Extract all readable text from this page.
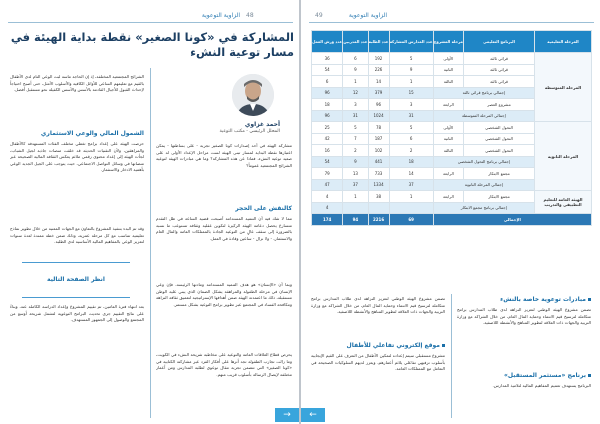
48
الزاوية التوعوية
المشاركة في «كونا الصغير» نقطة بداية الهيئة في مسار توعية النشء
أحمد غزاوي
المحلل الرئيسي - مكتب التوعية
مشاركة الهيئة في أحد إصدارات كونا الصغير تجربة - على بساطتها - يمكن اعتبارها نقطة البداية لمسار تبنى الهيئة لست مراحل الإعداد الأولى له على صعيد توعية النشء، فماذا عن هذه المشاركة؟ وما هي مبادرات الهيئة لتوعية الشرائح المجتمعية عموماً؟
كالنقش على الحجر
مما لا شك فيه أن التنمية المستدامة أصبحت قضية الساعة في ظل التقدم متسارع يحصل دعامة الهيئة الركيزة لتكوين عقلية وثقافة تستوعب ما نسبه بالضرورة إلى سقف عالٍ من التوعية الجادة بالممتلكات العامة والمال العام والاستثمار، - ولا نزال - ساعين وقادة في العمل.
وبما أن «الإنسان» هو هدف التنمية المستدامة ومادتها الرئيسة، فإن وعي الإنسان في مرحلة الطفولة والمراهقة يشكل الضمان الذي يبني عليه الوطن مستقبله، ذلك ما اعتمدته الهيئة ضمن أهدافها الإستراتيجية لتعميق ثقافة النزاهة ومكافحة الفساد في المجتمع عبر تطوير برامج التوعية بشكل مستمر.
يحرص قطاع العلاقات العامة والتوعية على مخاطبة شريحة النشء في الكويت، وما زالت تجارب الطفولة تجد أثرها على أفكار الفرد عبر مشاركته الكتابية في «كونا الصغير» التي تتضمن تجربة مقال توعوي لطلبة المدارس ومن أعمار مختلفة لإيصال الرسالة بأسلوب قريب منهم.
الشرائح المجتمعية المختلفة، إذ إن الحاجة ماسة لبث الوعي التام لدى الأطفال بالقيم مع تعليمهم الساعي للأوائل الكافية والأسلوب الأمثل، حتى أصبح احتياجاً لإحداث القبول للأجيال القادمة بالأسس والأسس الكفيلة نحو مستقبل أفضل.
الشمول المالي والوعي الاستثماري
حرصت الهيئة على إعداد برامج تغطي مختلف الفئات المستهدفة كالأطفال والمراهقين، ولأن التقنيات الحديثة قد خلقت منصات جاذبة لجيل الشباب، لجأت الهيئة إلى إعداد محتوى رقمي ملائم يعكس الثقافة المالية الصحيحة عبر منصاتها في وسائل التواصل الاجتماعي، حيث يتوجب على الجيل الجديد الوعي بأهمية الادخار والاستثمار.
انظر الصفحة التالية
وقد تم البدء بتنفيذ المشروع بالتعاون مع الجهات المعنية من خلال تطوير نماذج تعليمية تتناسب مع كل مرحلة عمرية، وذلك ضمن خطة ممتدة لعدة سنوات لتعزيز الوعي بالمفاهيم المالية الأساسية لدى الطلبة.
بعد انتهاء فترة العامين، تم تقييم المشروع وإعداد الدراسة الكاملة عنه، وبناءً على نتائج التقييم جرى تحديث البرامج التوعوية لتشمل شريحة أوسع من المجتمع والوصول إلى الجمهور المستهدف.
→
49	الزاوية التوعوية
المرحلة التعليمية	البرنامج التعليمي	مرحلة المشروع	عدد المدارس المشاركة	عدد الطلبة	عدد المدربين	عدد ورش العمل
المرحلة المتوسطة	قرائي ثالثة	الأولى	5	192	6	36
	قرائي ثالثة	الثانية	9	226	9	54
	قرائي ثالثة	الثالثة	1	14	1	6
	إجمالي برنامج قرائي ثالثة		15	379	12	96
	مشروع العصر	الرابعة	3	96	3	18
	إجمالي المرحلة المتوسطة		31	1024	31	96
المرحلة الثانوية	التحول الشخصي	الأولى	5	78	5	25
	التحول الشخصي	الثانية	6	187	7	42
	التحول الشخصي	الثالثة	2	102	2	16
	إجمالي برنامج التحول الشخصي		18	441	9	54
	مجمع الابتكار	الرابعة	14	733	13	79
	إجمالي المرحلة الثانوية		37	1334	37	47
الهيئة العامة للتعليم التطبيقي والتدريب	مجمع الابتكار	الرابعة	1	38	1	4
	إجمالي برنامج مجمع الابتكار					4
الإجمالي			69	2216	94	174
مبادرات توعوية خاصة بالنشء
تضمن مشروع الهيئة الوطني لتعزيز النزاهة لدى طلاب المدارس برامج متكاملة لترسيخ قيم الانتماء وحماية المال العام، من خلال الشراكة مع وزارة التربية والجهات ذات العلاقة لتطوير المناهج والأنشطة اللاصفية.
برنامج «مستثمر المستقبل»
البرنامج يستهدف تعميم المفاهيم المالية لتلاميذ المدارس.
تضمن مشروع الهيئة الوطني لتعزيز النزاهة لدى طلاب المدارس برامج متكاملة لترسيخ قيم الانتماء وحماية المال العام، من خلال الشراكة مع وزارة التربية والجهات ذات العلاقة لتطوير المناهج والأنشطة اللاصفية.
موقع إلكتروني تفاعلي للأطفال
مشروع مستقبلي سيتم إعداده لتمكين الأطفال من التعرف على القيم الإيجابية بأسلوب ترفيهي تفاعلي يلائم أعمارهم، ويعزز لديهم السلوكيات الصحيحة في التعامل مع الممتلكات العامة.
←
